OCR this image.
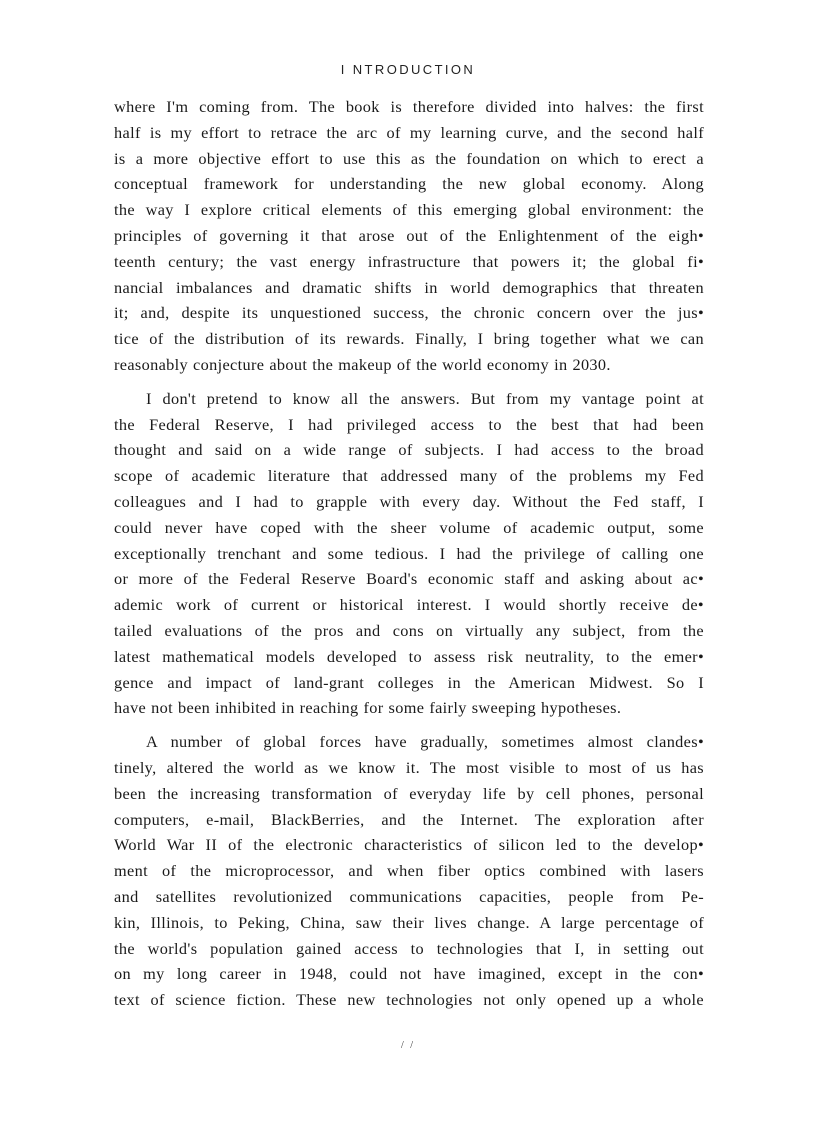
I NTRODUCTION

where I'm coming from. The book is therefore divided into halves: the first
half is my effort to retrace the arc of my learning curve, and the second half
is a more objective effort to use this as the foundation on which to erect a
conceptual framework for understanding the new global economy. Along
the way I explore critical elements of this emerging global environment: the
principles of governing it that arose out of the Enlightenment of the eigh•
teenth century; the vast energy infrastructure that powers it; the global fi•
nancial imbalances and dramatic shifts in world demographics that threaten
it; and, despite its unquestioned success, the chronic concern over the jus•
tice of the distribution of its rewards. Finally, I bring together what we can
reasonably conjecture about the makeup of the world economy in 2030.

I don't pretend to know all the answers. But from my vantage point at
the Federal Reserve, I had privileged access to the best that had been
thought and said on a wide range of subjects. I had access to the broad
scope of academic literature that addressed many of the problems my Fed
colleagues and I had to grapple with every day. Without the Fed staff, I
could never have coped with the sheer volume of academic output, some
exceptionally trenchant and some tedious. I had the privilege of calling one
or more of the Federal Reserve Board's economic staff and asking about ac•
ademic work of current or historical interest. I would shortly receive de•
tailed evaluations of the pros and cons on virtually any subject, from the
latest mathematical models developed to assess risk neutrality, to the emer•
gence and impact of land-grant colleges in the American Midwest. So I
have not been inhibited in reaching for some fairly sweeping hypotheses.

A number of global forces have gradually, sometimes almost clandes•
tinely, altered the world as we know it. The most visible to most of us has
been the increasing transformation of everyday life by cell phones, personal
computers, e-mail, BlackBerries, and the Internet. The exploration after
World War II of the electronic characteristics of silicon led to the develop•
ment of the microprocessor, and when fiber optics combined with lasers
and satellites revolutionized communications capacities, people from Pe-
kin, Illinois, to Peking, China, saw their lives change. A large percentage of
the world's population gained access to technologies that I, in setting out
on my long career in 1948, could not have imagined, except in the con•
text of science fiction. These new technologies not only opened up a whole

/ /
